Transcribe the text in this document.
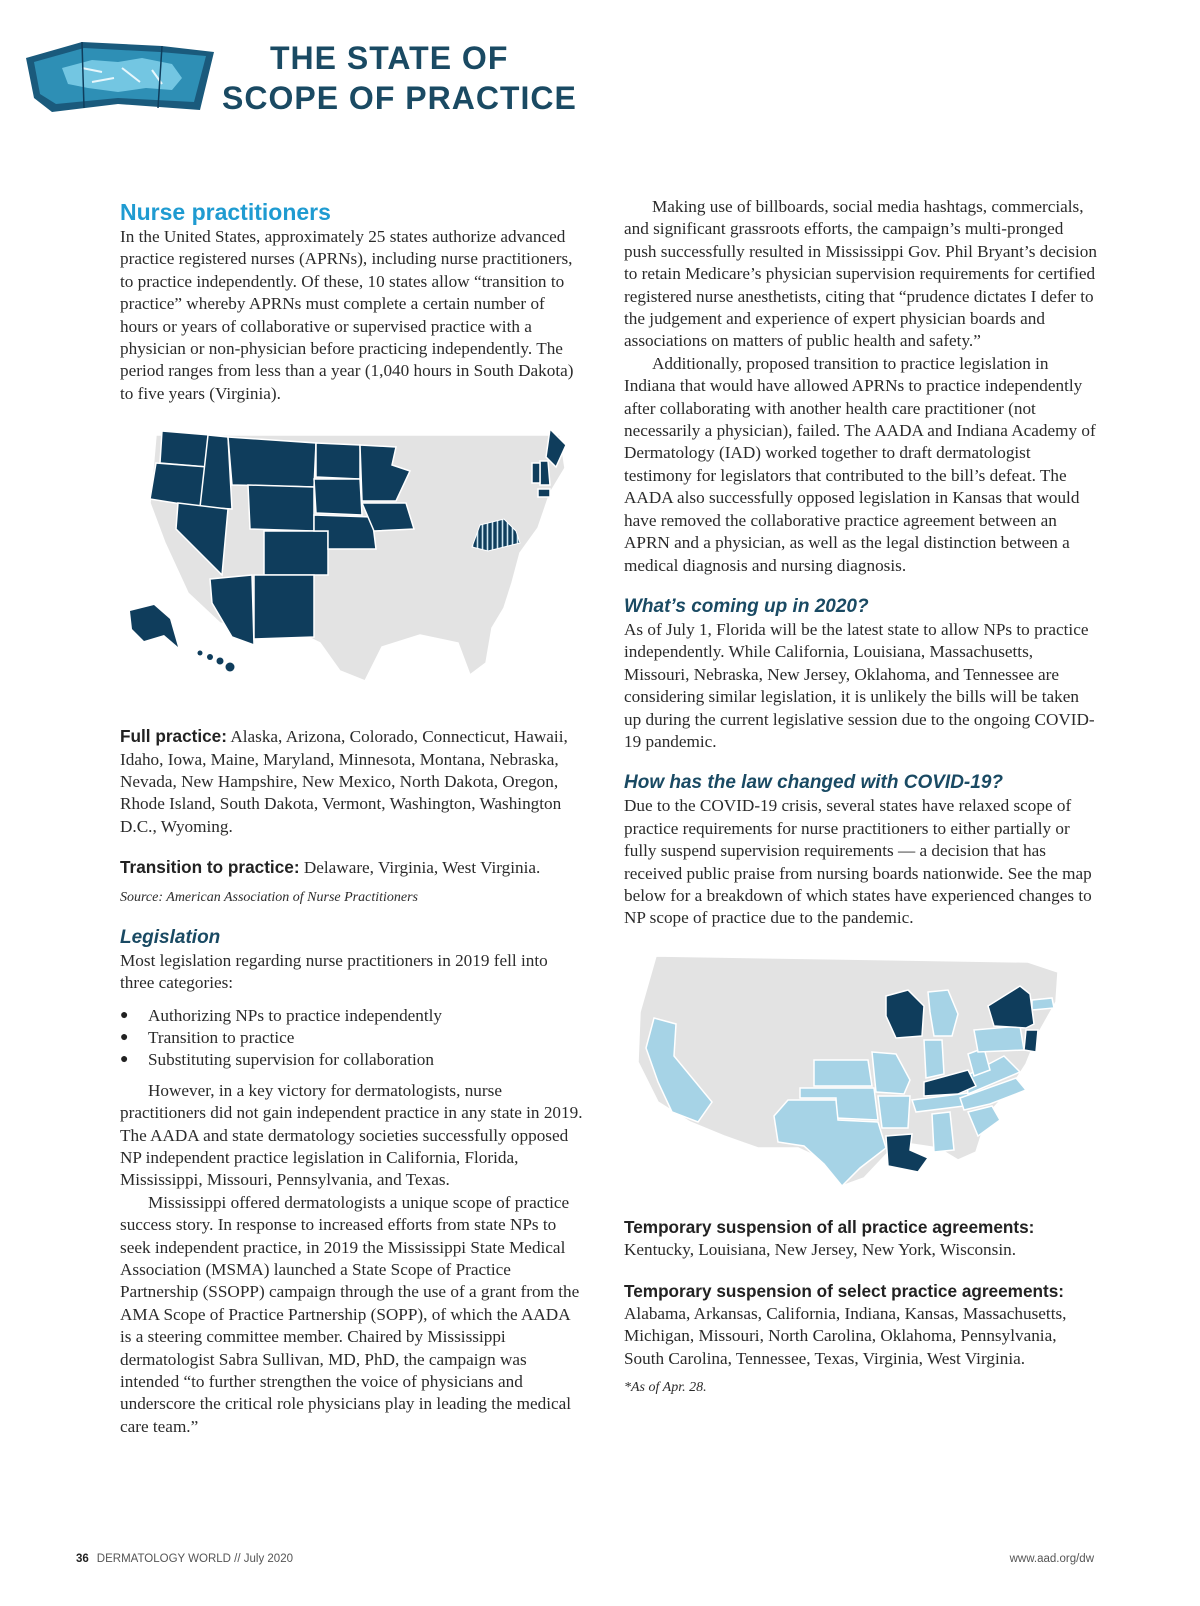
THE STATE OF
SCOPE OF PRACTICE
Nurse practitioners

In the United States, approximately 25 states authorize advanced practice registered nurses (APRNs), including nurse practitioners, to practice independently. Of these, 10 states allow “transition to practice” whereby APRNs must complete a certain number of hours or years of collaborative or supervised practice with a physician or non-physician before practicing independently. The period ranges from less than a year (1,040 hours in South Dakota) to five years (Virginia).

Full practice: Alaska, Arizona, Colorado, Connecticut, Hawaii, Idaho, Iowa, Maine, Maryland, Minnesota, Montana, Nebraska, Nevada, New Hampshire, New Mexico, North Dakota, Oregon, Rhode Island, South Dakota, Vermont, Washington, Washington D.C., Wyoming.

Transition to practice: Delaware, Virginia, West Virginia.

Source: American Association of Nurse Practitioners

Legislation

Most legislation regarding nurse practitioners in 2019 fell into three categories:

● Authorizing NPs to practice independently
● Transition to practice
● Substituting supervision for collaboration

However, in a key victory for dermatologists, nurse practitioners did not gain independent practice in any state in 2019. The AADA and state dermatology societies successfully opposed NP independent practice legislation in California, Florida, Mississippi, Missouri, Pennsylvania, and Texas.

Mississippi offered dermatologists a unique scope of practice success story. In response to increased efforts from state NPs to seek independent practice, in 2019 the Mississippi State Medical Association (MSMA) launched a State Scope of Practice Partnership (SSOPP) campaign through the use of a grant from the AMA Scope of Practice Partnership (SOPP), of which the AADA is a steering committee member. Chaired by Mississippi dermatologist Sabra Sullivan, MD, PhD, the campaign was intended “to further strengthen the voice of physicians and underscore the critical role physicians play in leading the medical care team.”

Making use of billboards, social media hashtags, commercials, and significant grassroots efforts, the campaign’s multi-pronged push successfully resulted in Mississippi Gov. Phil Bryant’s decision to retain Medicare’s physician supervision requirements for certified registered nurse anesthetists, citing that “prudence dictates I defer to the judgement and experience of expert physician boards and associations on matters of public health and safety.”

Additionally, proposed transition to practice legislation in Indiana that would have allowed APRNs to practice independently after collaborating with another health care practitioner (not necessarily a physician), failed. The AADA and Indiana Academy of Dermatology (IAD) worked together to draft dermatologist testimony for legislators that contributed to the bill’s defeat. The AADA also successfully opposed legislation in Kansas that would have removed the collaborative practice agreement between an APRN and a physician, as well as the legal distinction between a medical diagnosis and nursing diagnosis.

What’s coming up in 2020?

As of July 1, Florida will be the latest state to allow NPs to practice independently. While California, Louisiana, Massachusetts, Missouri, Nebraska, New Jersey, Oklahoma, and Tennessee are considering similar legislation, it is unlikely the bills will be taken up during the current legislative session due to the ongoing COVID-19 pandemic.

How has the law changed with COVID-19?

Due to the COVID-19 crisis, several states have relaxed scope of practice requirements for nurse practitioners to either partially or fully suspend supervision requirements — a decision that has received public praise from nursing boards nationwide. See the map below for a breakdown of which states have experienced changes to NP scope of practice due to the pandemic.

Temporary suspension of all practice agreements:
Kentucky, Louisiana, New Jersey, New York, Wisconsin.

Temporary suspension of select practice agreements:
Alabama, Arkansas, California, Indiana, Kansas, Massachusetts, Michigan, Missouri, North Carolina, Oklahoma, Pennsylvania, South Carolina, Tennessee, Texas, Virginia, West Virginia.

*As of Apr. 28.

36 DERMATOLOGY WORLD // July 2020	www.aad.org/dw
